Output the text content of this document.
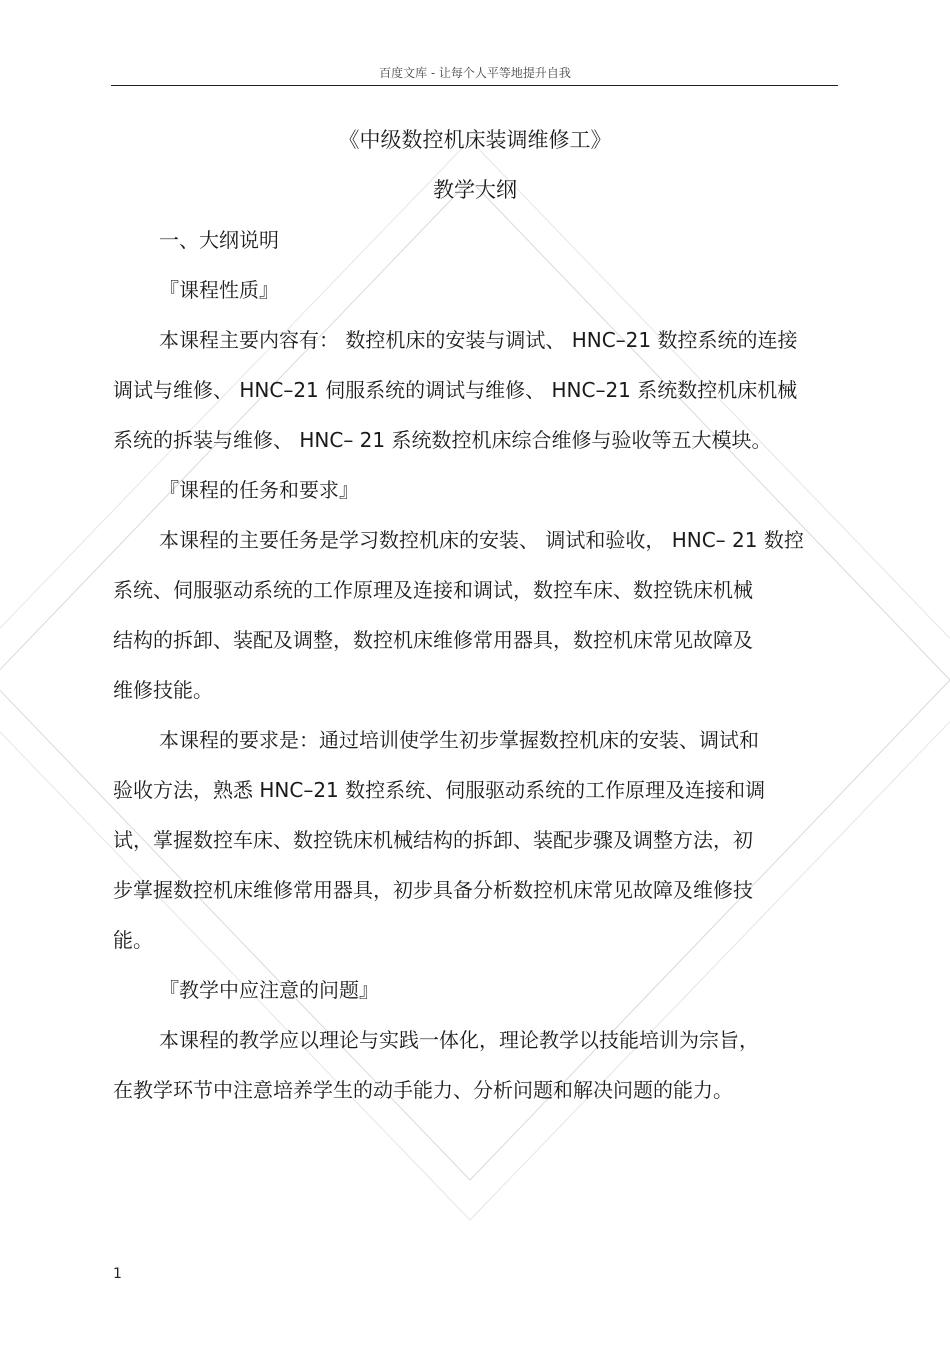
百度文库 - 让每个人平等地提升自我
《中级数控机床装调维修工》
教学大纲
一、大纲说明
『课程性质』
本课程主要内容有： 数控机床的安装与调试、 HNC–21 数控系统的连接
调试与维修、 HNC–21 伺服系统的调试与维修、 HNC–21 系统数控机床机械
系统的拆装与维修、 HNC– 21 系统数控机床综合维修与验收等五大模块。
『课程的任务和要求』
本课程的主要任务是学习数控机床的安装、 调试和验收， HNC– 21 数控
系统、伺服驱动系统的工作原理及连接和调试，数控车床、数控铣床机械
结构的拆卸、装配及调整，数控机床维修常用器具，数控机床常见故障及
维修技能。
本课程的要求是：通过培训使学生初步掌握数控机床的安装、调试和
验收方法，熟悉 HNC–21 数控系统、伺服驱动系统的工作原理及连接和调
试，掌握数控车床、数控铣床机械结构的拆卸、装配步骤及调整方法，初
步掌握数控机床维修常用器具，初步具备分析数控机床常见故障及维修技
能。
『教学中应注意的问题』
本课程的教学应以理论与实践一体化，理论教学以技能培训为宗旨，
在教学环节中注意培养学生的动手能力、分析问题和解决问题的能力。
1
